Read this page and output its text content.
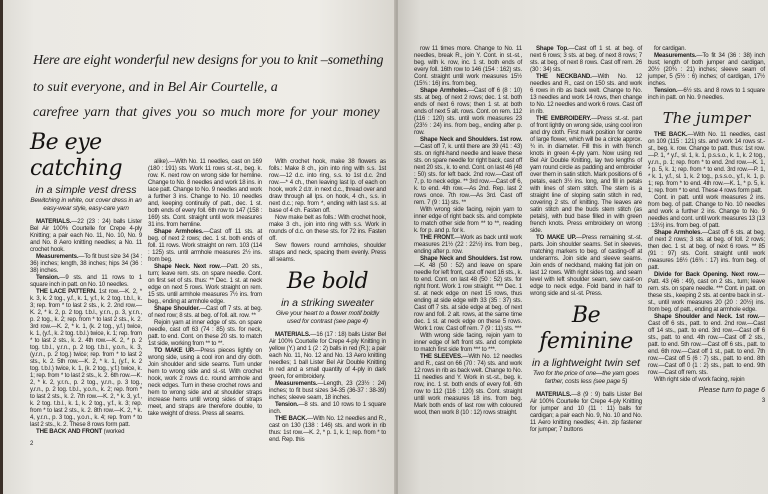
Here are eight wonderful new designs for you to knit –something
to suit everyone, and in Bel Air Courtelle, a
carefree yarn that gives you so much more for your money
Be eye catching
in a simple vest dress
Bewitching in white, our cover dress in an easy-wear style, easy-care yarn

MATERIALS.—22 (23 : 24) balls Lister Bel Air 100% Courtelle for Crepe 4-ply Knitting; a pair each No. 11, No. 10, No. 9 and No. 8 Aero knitting needles; a No. 11 crochet hook.

Measurements.—To fit bust size 34 (34 : 36) inches; length, 38 inches; hips 34 (36 : 38) inches.

Tension.—9 sts. and 11 rows to 1 square inch in patt. on No. 10 needles.

THE LACE PATTERN. 1st row.—K. 2, * k. 3, k. 2 tog., y.f., k. 1, y.f., k. 2 tog. t.b.l., k. 3; rep. from * to last 2 sts., k. 2. 2nd row.—K. 2, * k. 2, p. 2 tog. t.b.l., y.r.n., p. 3, y.r.n., p. 2 tog., k. 2; rep. from * to last 2 sts., k. 2. 3rd row.—K. 2, * k. 1, (k. 2 tog., y.f.) twice, k. 1, (y.f., k. 2 tog. t.b.l.) twice, k. 1; rep. from * to last 2 sts., k. 2. 4th row.—K. 2, * p. 2 tog. t.b.l., y.r.n., p. 2 tog. t.b.l., y.o.n., k. 3, (y.r.n., p. 2 tog.) twice; rep. from * to last 2 sts., k. 2. 5th row.—K. 2, * k. 1, (y.f., k. 2 tog. t.b.l.) twice, k. 1, (k. 2 tog., y.f.) twice, k. 1; rep. from * to last 2 sts., k. 2. 6th row.—K. 2, * k. 2, y.r.n., p. 2 tog., y.r.n., p. 3 tog., y.r.n., p. 2 tog. t.b.l., y.o.n., k. 2; rep. from * to last 2 sts., k. 2. 7th row.—K. 2, * k. 3, y.f., k. 2 tog. t.b.l., k. 1, k. 2 tog., y.f., k. 3; rep. from * to last 2 sts., k. 2. 8th row.—K. 2, * k. 4, y.r.n., p. 3 tog., y.o.n., k. 4; rep. from * to last 2 sts., k. 2. These 8 rows form patt.

THE BACK AND FRONT (worked

2

alike).—With No. 11 needles, cast on 169 (180 : 191) sts. Work 11 rows st.-st., beg. k. row. K. next row on wrong side for hemline. Change to No. 8 needles and work 18 ins. in lace patt. Change to No. 9 needles and work a further 3 ins. Change to No. 10 needles and, keeping continuity of patt., dec. 1 st. both ends of every foll. 6th row to 147 (158 : 169) sts. Cont. straight until work measures 31 ins. from hemline.

Shape Armholes.—Cast off 11 sts. at beg. of next 2 rows; dec. 1 st. both ends of foll. 11 rows. Work straight on rem. 103 (114 : 125) sts. until armhole measures 2½ ins. from beg.

Shape Neck. Next row.—Patt. 20 sts., turn; leave rem. sts. on spare needle. Cont. on first set of sts. thus: ** Dec. 1 st. at neck edge on next 5 rows. Work straight on rem. 15 sts. until armhole measures 7½ ins. from beg., ending at armhole edge.

Shape Shoulder.—Cast off 7 sts. at beg. of next row; 8 sts. at beg. of foll. alt. row. **

Rejoin yarn at inner edge of sts. on spare needle, cast off 63 (74 : 85) sts. for neck, patt. to end. Cont. on these 20 sts. to match 1st side, working from ** to **.

TO MAKE UP.—Press pieces lightly on wrong side, using a cool iron and dry cloth. Join shoulder and side seams. Turn under hem to wrong side and sl.-st. With crochet hook, work 2 rows d.c. round armhole and neck edges. Turn in these crochet rows and hem to wrong side and at shoulder straps increase hems until wrong sides of straps meet, and straps are therefore double, to take weight of dress. Press all seams.

With crochet hook, make 38 flowers as folls.: Make 8 ch., join into ring with s.s. 1st row.—12 d.c. into ring, s.s. to 1st d.c. 2nd row.—* 4 ch., then leaving last lp. of each on hook, work 2 d.tr. in next d.c., thread over and draw through all lps. on hook, 4 ch., s.s. in next d.c.; rep. from *, ending with last s.s. at base of 4 ch. Fasten off.

Now make belt as folls.: With crochet hook, make 3 ch., join into ring with s.s. Work in rounds of d.c. on these sts. for 72 ins. Fasten off.

Sew flowers round armholes, shoulder straps and neck, spacing them evenly. Press all seams.

Be bold
in a striking sweater
Give your heart to a flower motif boldly used for contrast (see page 4)

MATERIALS.—16 (17 : 18) balls Lister Bel Air 100% Courtelle for Crepe 4-ply Knitting in yellow (Y.) and 1 (2 : 2) balls in red (R.); a pair each No. 11, No. 12 and No. 13 Aero knitting needles; 1 ball Lister Bel Air Double Knitting in red and a small quantity of 4-ply in dark green, for embroidery.

Measurements.—Length, 23 (23½ : 24) inches; to fit bust sizes 34-35 (36-37 : 38-39) inches; sleeve seam, 18 inches.

Tension.—8 sts. and 10 rows to 1 square inch.

THE BACK.—With No. 12 needles and R., cast on 130 (138 : 146) sts. and work in rib thus: 1st row.—K. 2, * p. 1, k. 1; rep. from * to end. Rep. this

row 11 times more. Change to No. 11 needles, break R., join Y. Cont. in st.-st., beg. with k. row, inc. 1 st. both ends of every foll. 16th row to 146 (154 : 162) sts. Cont. straight until work measures 15½ (15¾ : 16) ins. from beg.

Shape Armholes.—Cast off 6 (8 : 10) sts. at beg. of next 2 rows; dec. 1 st. both ends of next 6 rows; then 1 st. at both ends of next 5 alt. rows. Cont. on rem. 112 (116 : 120) sts. until work measures 23 (23½ : 24) ins. from beg., ending after p. row.

Shape Neck and Shoulders. 1st row.—Cast off 7, k. until there are 39 (41 : 43) sts. on right-hand needle and leave these sts. on spare needle for right back, cast off next 20 sts., k. to end. Cont. on last 46 (48 : 50) sts. for left back. 2nd row.—Cast off 7, p. to neck edge. ** 3rd row.—Cast off 6, k. to end. 4th row.—As 2nd. Rep. last 2 rows once. 7th row.—As 3rd. Cast off rem. 7 (9 : 11) sts. **

With wrong side facing, rejoin yarn to inner edge of right back sts. and complete to match other side from ** to **, reading k. for p. and p. for k.

THE FRONT.—Work as back until work measures 21½ (22 : 22½) ins. from beg., ending after p. row.

Shape Neck and Shoulders. 1st row.—K. 48 (50 : 52) and leave on spare needle for left front, cast off next 16 sts., k. to end. Cont. on last 48 (50 : 52) sts. for right front. Work 1 row straight. *** Dec. 1 st. at neck edge on next 15 rows, thus ending at side edge with 33 (35 : 37) sts. Cast off 7 sts. at side edge at beg. of next row and foll. 2 alt. rows, at the same time dec. 1 st. at neck edge on these 5 rows. Work 1 row. Cast off rem. 7 (9 : 11) sts. ***

With wrong side facing, rejoin yarn to inner edge of left front sts. and complete to match first side from *** to ***.

THE SLEEVES.—With No. 12 needles and R., cast on 66 (70 : 74) sts. and work 12 rows in rib as back welt. Change to No. 11 needles and Y. Work in st.-st., beg. k. row, inc. 1 st. both ends of every foll. 6th row to 112 (116 : 120) sts. Cont. straight until work measures 18 ins. from beg. Mark both ends of last row with coloured wool, then work 8 (10 : 12) rows straight.

Shape Top.—Cast off 1 st. at beg. of next 6 rows; 3 sts. at beg. of next 8 rows; 7 sts. at beg. of next 8 rows. Cast off rem. 26 (30 : 34) sts.

THE NECKBAND.—With No. 12 needles and R., cast on 150 sts. and work 6 rows in rib as back welt. Change to No. 13 needles and work 14 rows, then change to No. 12 needles and work 6 rows. Cast off in rib.

THE EMBROIDERY.—Press st.-st. part of front lightly on wrong side, using cool iron and dry cloth. First mark position for centre of large flower, which will be a circle approx. ¾ in. in diameter. Fill this in with french knots in green 4-ply yarn. Now using red Bel Air Double Knitting, lay two lengths of yarn round circle as padding and embroider over them in satin stitch. Mark positions of 6 petals, each 3½ ins. long, and fill in petals with lines of stem stitch. The stem is a straight line of sloping satin stitch in red, covering 2 sts. of knitting. The leaves are satin stitch and the buds stem stitch (as petals), with bud base filled in with green french knots. Press embroidery on wrong side.

TO MAKE UP.—Press remaining st.-st. parts. Join shoulder seams. Set in sleeves, matching markers to beg. of casting-off at underarms. Join side and sleeve seams. Join ends of neckband, making flat join on last 12 rows. With right sides tog. and seam level with left shoulder seam, sew cast-on edge to neck edge. Fold band in half to wrong side and sl.-st. Press.

Be feminine
in a lightweight twin set
Two for the price of one—the yarn goes farther, costs less (see page 5)

MATERIALS.—8 (9 : 9) balls Lister Bel Air 100% Courtelle for Crepe 4-ply Knitting for jumper and 10 (11 : 11) balls for cardigan; a pair each No. 9, No. 10 and No. 11 Aero knitting needles; 4-in. zip fastener for jumper; 7 buttons

for cardigan.

Measurements.—To fit 34 (36 : 38) inch bust; length of both jumper and cardigan, 20½ (20¾ : 21) inches; sleeve seam of jumper, 5 (5½ : 6) inches; of cardigan, 17½ inches.

Tension.—6½ sts. and 8 rows to 1 square inch in patt. on No. 9 needles.

The jumper

THE BACK.—With No. 11 needles, cast on 109 (115 : 121) sts. and work 14 rows st.-st., beg. k. row. Change to patt. thus: 1st row.—P. 1, * y.f., sl. 1, k. 1, p.s.s.o., k. 1, k. 2 tog., y.r.n., p. 1; rep. from * to end. 2nd row.—K. 1, * p. 5, k. 1; rep. from * to end. 3rd row.—P. 1, * k. 1, y.f., sl. 1, k. 2 tog., p.s.s.o., y.f., k. 1, p. 1; rep. from * to end. 4th row.—K. 1, * p. 5, k. 1; rep. from * to end. These 4 rows form patt.

Cont. in patt. until work measures 2 ins. from beg. of patt. Change to No. 10 needles and work a further 2 ins. Change to No. 9 needles and cont. until work measures 13 (13 : 13½) ins. from beg. of patt.

Shape Armholes.—Cast off 6 sts. at beg. of next 2 rows; 3 sts. at beg. of foll. 2 rows; then dec. 1 st. at beg. of next 6 rows. ** 85 (91 : 97) sts. Cont. straight until work measures 16½ (16¾ : 17) ins. from beg. of patt.

Divide for Back Opening. Next row.—Patt. 43 (46 : 49), cast on 2 sts., turn; leave rem. sts. on spare needle. *** Cont. in patt. on these sts., keeping 2 sts. at centre back in st.-st., until work measures 20 (20 : 20½) ins. from beg. of patt., ending at armhole edge.

Shape Shoulder and Neck. 1st row.—Cast off 6 sts., patt. to end. 2nd row.—Cast off 14 sts., patt. to end. 3rd row.—Cast off 6 sts., patt. to end. 4th row.—Cast off 2 sts., patt. to end. 5th row.—Cast off 6 sts., patt. to end. 6th row.—Cast off 1 st., patt. to end. 7th row.—Cast off 5 (6 : 7) sts., patt. to end. 8th row.—Cast off 0 (1 : 2) sts., patt. to end. 9th row.—Cast off rem. sts.

With right side of work facing, rejoin

Please turn to page 6
3
